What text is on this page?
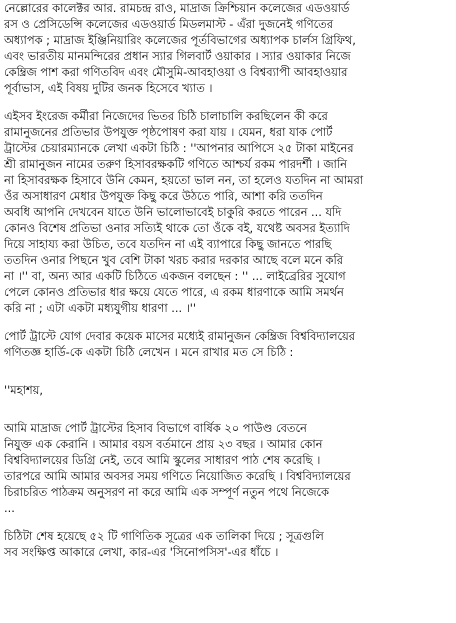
নেল্লোরের কালেক্টর আর. রামচন্দ্র রাও, মাদ্রাজ ক্রিশ্চিয়ান কলেজের এডওয়ার্ড
রস ও প্রেসিডেন্সি কলেজের এডওয়ার্ড মিডলমাস্ট - এঁরা দুজনেই গণিতের
অধ্যাপক ; মাদ্রাজ ইঞ্জিনিয়ারিং কলেজের পূর্তবিভাগের অধ্যাপক চার্লস গ্রিফিথ,
এবং ভারতীয় মানমন্দিরের প্রধান স্যার গিলবার্ট ওয়াকার । স্যার ওয়াকার নিজে
কেম্ব্রিজ পাশ করা গণিতবিদ এবং মৌসুমি-আবহাওয়া ও বিশ্বব্যাপী আবহাওয়ার
পূর্বাভাস, এই বিষয় দুটির জনক হিসেবে খ্যাত ।

এইসব ইংরেজ কর্মীরা নিজেদের ভিতর চিঠি চালাচালি করছিলেন কী করে
রামানুজনের প্রতিভার উপযুক্ত পৃষ্ঠপোষণ করা যায় । যেমন, ধরা যাক পোর্ট
ট্রাস্টের চেয়ারম্যানকে লেখা একটা চিঠি : ''আপনার আপিসে ২৫ টাকা মাইনের
শ্রী রামানুজন নামের তরুণ হিসাবরক্ষকটি গণিতে আশ্চর্য রকম পারদর্শী । জানি
না হিসাবরক্ষক হিসাবে উনি কেমন, হয়তো ভাল নন, তা হলেও যতদিন না আমরা
ওঁর অসাধারণ মেধার উপযুক্ত কিছু করে উঠতে পারি, আশা করি ততদিন
অবধি আপনি দেখবেন যাতে উনি ভালোভাবেই চাকুরি করতে পারেন ... যদি
কোনও বিশেষ প্রতিভা ওনার সত্যিই থাকে তো ওঁকে বই, যথেষ্ট অবসর ইত্যাদি
দিয়ে সাহায্য করা উচিত, তবে যতদিন না এই ব্যাপারে কিছু জানতে পারছি
ততদিন ওনার পিছনে খুব বেশি টাকা খরচ করার দরকার আছে বলে মনে করি
না ।'' বা, অন্য আর একটি চিঠিতে একজন বলছেন : '' ... লাইব্রেরির সুযোগ
পেলে কোনও প্রতিভার ধার ক্ষয়ে যেতে পারে, এ রকম ধারণাকে আমি সমর্থন
করি না ; এটা একটা মধ্যযুগীয় ধারণা ... ।''

পোর্ট ট্রাস্টে যোগ দেবার কয়েক মাসের মধ্যেই রামানুজন কেম্ব্রিজ বিশ্ববিদ্যালয়ের
গণিতজ্ঞ হার্ডি-কে একটা চিঠি লেখেন । মনে রাখার মত সে চিঠি :

''মহাশয়,

আমি মাদ্রাজ পোর্ট ট্রাস্টের হিসাব বিভাগে বার্ষিক ২০ পাউণ্ড বেতনে
নিযুক্ত এক কেরানি । আমার বয়স বর্তমানে প্রায় ২৩ বছর । আমার কোন
বিশ্ববিদ্যালয়ের ডিগ্রি নেই, তবে আমি স্কুলের সাধারণ পাঠ শেষ করেছি ।
তারপরে আমি আমার অবসর সময় গণিতে নিয়োজিত করেছি । বিশ্ববিদ্যালয়ের
চিরাচরিত পাঠক্রম অনুসরণ না করে আমি এক সম্পূর্ণ নতুন পথে নিজেকে
...

চিঠিটা শেষ হয়েছে ৫২ টি গাণিতিক সূত্রের এক তালিকা দিয়ে ; সূত্রগুলি
সব সংক্ষিপ্ত আকারে লেখা, কার-এর 'সিনোপসিস'-এর ধাঁচে ।
